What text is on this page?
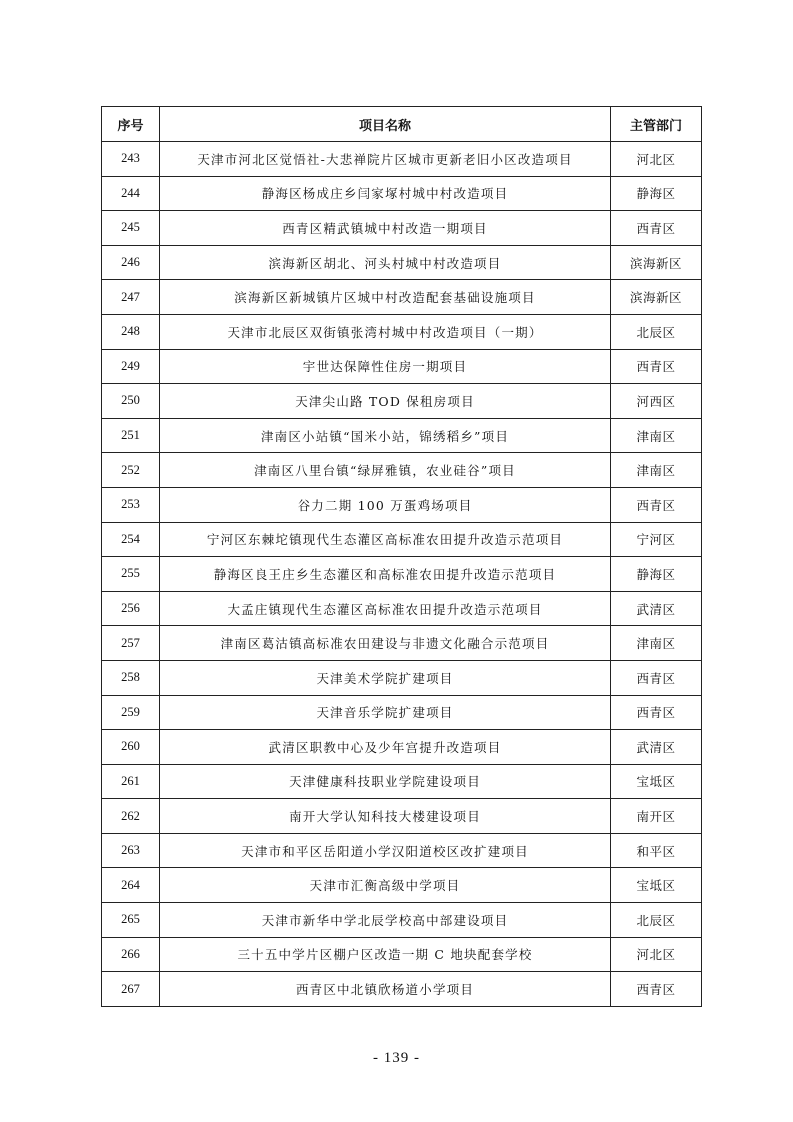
序号	项目名称	主管部门
243	天津市河北区觉悟社-大悲禅院片区城市更新老旧小区改造项目	河北区
244	静海区杨成庄乡闫家塚村城中村改造项目	静海区
245	西青区精武镇城中村改造一期项目	西青区
246	滨海新区胡北、河头村城中村改造项目	滨海新区
247	滨海新区新城镇片区城中村改造配套基础设施项目	滨海新区
248	天津市北辰区双街镇张湾村城中村改造项目（一期）	北辰区
249	宇世达保障性住房一期项目	西青区
250	天津尖山路 TOD 保租房项目	河西区
251	津南区小站镇“国米小站，锦绣稻乡”项目	津南区
252	津南区八里台镇“绿屏雅镇，农业硅谷”项目	津南区
253	谷力二期 100 万蛋鸡场项目	西青区
254	宁河区东棘坨镇现代生态灌区高标准农田提升改造示范项目	宁河区
255	静海区良王庄乡生态灌区和高标准农田提升改造示范项目	静海区
256	大孟庄镇现代生态灌区高标准农田提升改造示范项目	武清区
257	津南区葛沽镇高标准农田建设与非遗文化融合示范项目	津南区
258	天津美术学院扩建项目	西青区
259	天津音乐学院扩建项目	西青区
260	武清区职教中心及少年宫提升改造项目	武清区
261	天津健康科技职业学院建设项目	宝坻区
262	南开大学认知科技大楼建设项目	南开区
263	天津市和平区岳阳道小学汉阳道校区改扩建项目	和平区
264	天津市汇衡高级中学项目	宝坻区
265	天津市新华中学北辰学校高中部建设项目	北辰区
266	三十五中学片区棚户区改造一期 C 地块配套学校	河北区
267	西青区中北镇欣杨道小学项目	西青区
- 139 -
